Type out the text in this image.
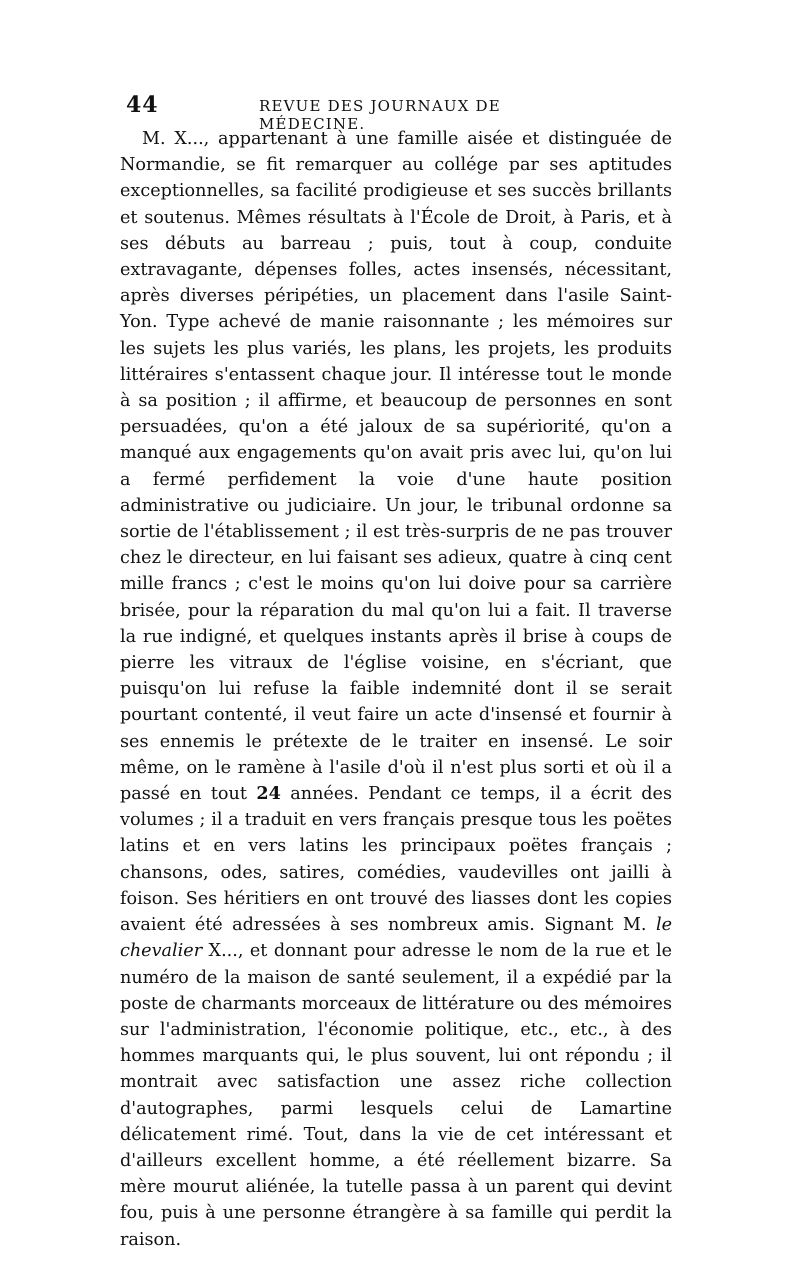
44	REVUE DES JOURNAUX DE MÉDECINE.

M. X..., appartenant à une famille aisée et distinguée de Normandie, se fit remarquer au collége par ses aptitudes exceptionnelles, sa facilité prodigieuse et ses succès brillants et soutenus. Mêmes résultats à l'École de Droit, à Paris, et à ses débuts au barreau ; puis, tout à coup, conduite extravagante, dépenses folles, actes insensés, nécessitant, après diverses péripéties, un placement dans l'asile Saint-Yon. Type achevé de manie raisonnante ; les mémoires sur les sujets les plus variés, les plans, les projets, les produits littéraires s'entassent chaque jour. Il intéresse tout le monde à sa position ; il affirme, et beaucoup de personnes en sont persuadées, qu'on a été jaloux de sa supériorité, qu'on a manqué aux engagements qu'on avait pris avec lui, qu'on lui a fermé perfidement la voie d'une haute position administrative ou judiciaire. Un jour, le tribunal ordonne sa sortie de l'établissement ; il est très-surpris de ne pas trouver chez le directeur, en lui faisant ses adieux, quatre à cinq cent mille francs ; c'est le moins qu'on lui doive pour sa carrière brisée, pour la réparation du mal qu'on lui a fait. Il traverse la rue indigné, et quelques instants après il brise à coups de pierre les vitraux de l'église voisine, en s'écriant, que puisqu'on lui refuse la faible indemnité dont il se serait pourtant contenté, il veut faire un acte d'insensé et fournir à ses ennemis le prétexte de le traiter en insensé. Le soir même, on le ramène à l'asile d'où il n'est plus sorti et où il a passé en tout 24 années. Pendant ce temps, il a écrit des volumes ; il a traduit en vers français presque tous les poëtes latins et en vers latins les principaux poëtes français ; chansons, odes, satires, comédies, vaudevilles ont jailli à foison. Ses héritiers en ont trouvé des liasses dont les copies avaient été adressées à ses nombreux amis. Signant M. le chevalier X..., et donnant pour adresse le nom de la rue et le numéro de la maison de santé seulement, il a expédié par la poste de charmants morceaux de littérature ou des mémoires sur l'administration, l'économie politique, etc., etc., à des hommes marquants qui, le plus souvent, lui ont répondu ; il montrait avec satisfaction une assez riche collection d'autographes, parmi lesquels celui de Lamartine délicatement rimé. Tout, dans la vie de cet intéressant et d'ailleurs excellent homme, a été réellement bizarre. Sa mère mourut aliénée, la tutelle passa à un parent qui devint fou, puis à une personne étrangère à sa famille qui perdit la raison.
